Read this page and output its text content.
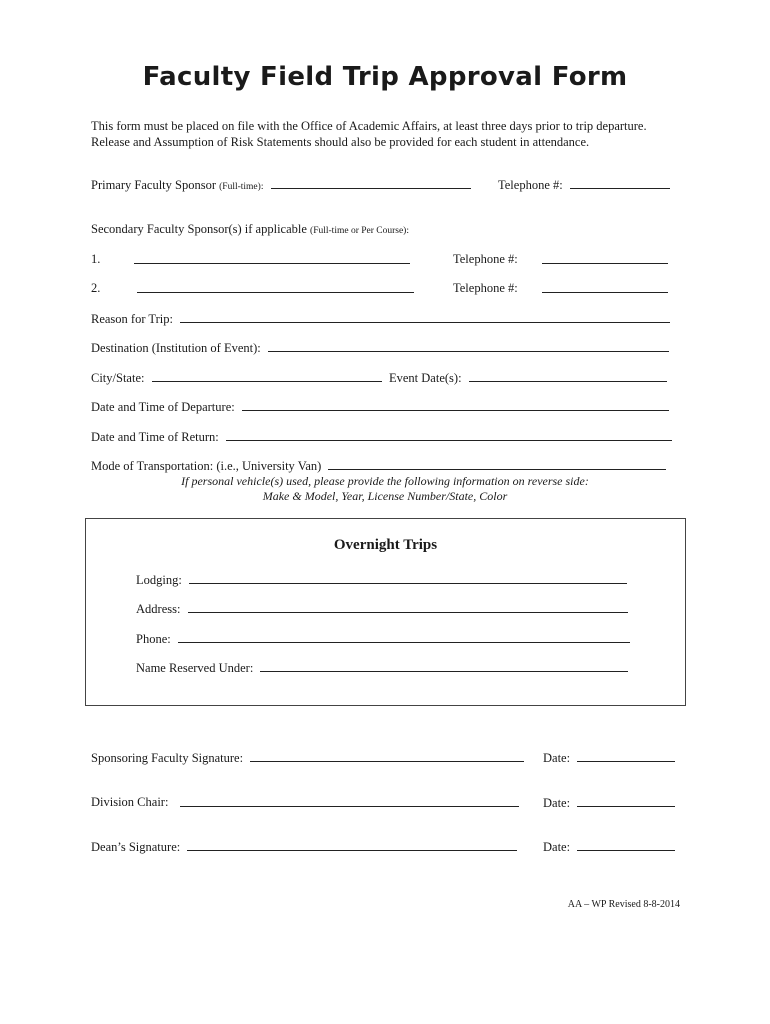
Faculty Field Trip Approval Form
This form must be placed on file with the Office of Academic Affairs, at least three days prior to trip departure.
Release and Assumption of Risk Statements should also be provided for each student in attendance.
Primary Faculty Sponsor (Full-time):	Telephone #:
Secondary Faculty Sponsor(s) if applicable (Full-time or Per Course):
1.	Telephone #:
2.	Telephone #:
Reason for Trip:
Destination (Institution of Event):
City/State:	Event Date(s):
Date and Time of Departure:
Date and Time of Return:
Mode of Transportation: (i.e., University Van)
If personal vehicle(s) used, please provide the following information on reverse side:
Make & Model, Year, License Number/State, Color
Overnight Trips
Lodging:
Address:
Phone:
Name Reserved Under:
Sponsoring Faculty Signature:	Date:
Division Chair:	Date:
Dean’s Signature:	Date:
AA – WP Revised 8-8-2014
